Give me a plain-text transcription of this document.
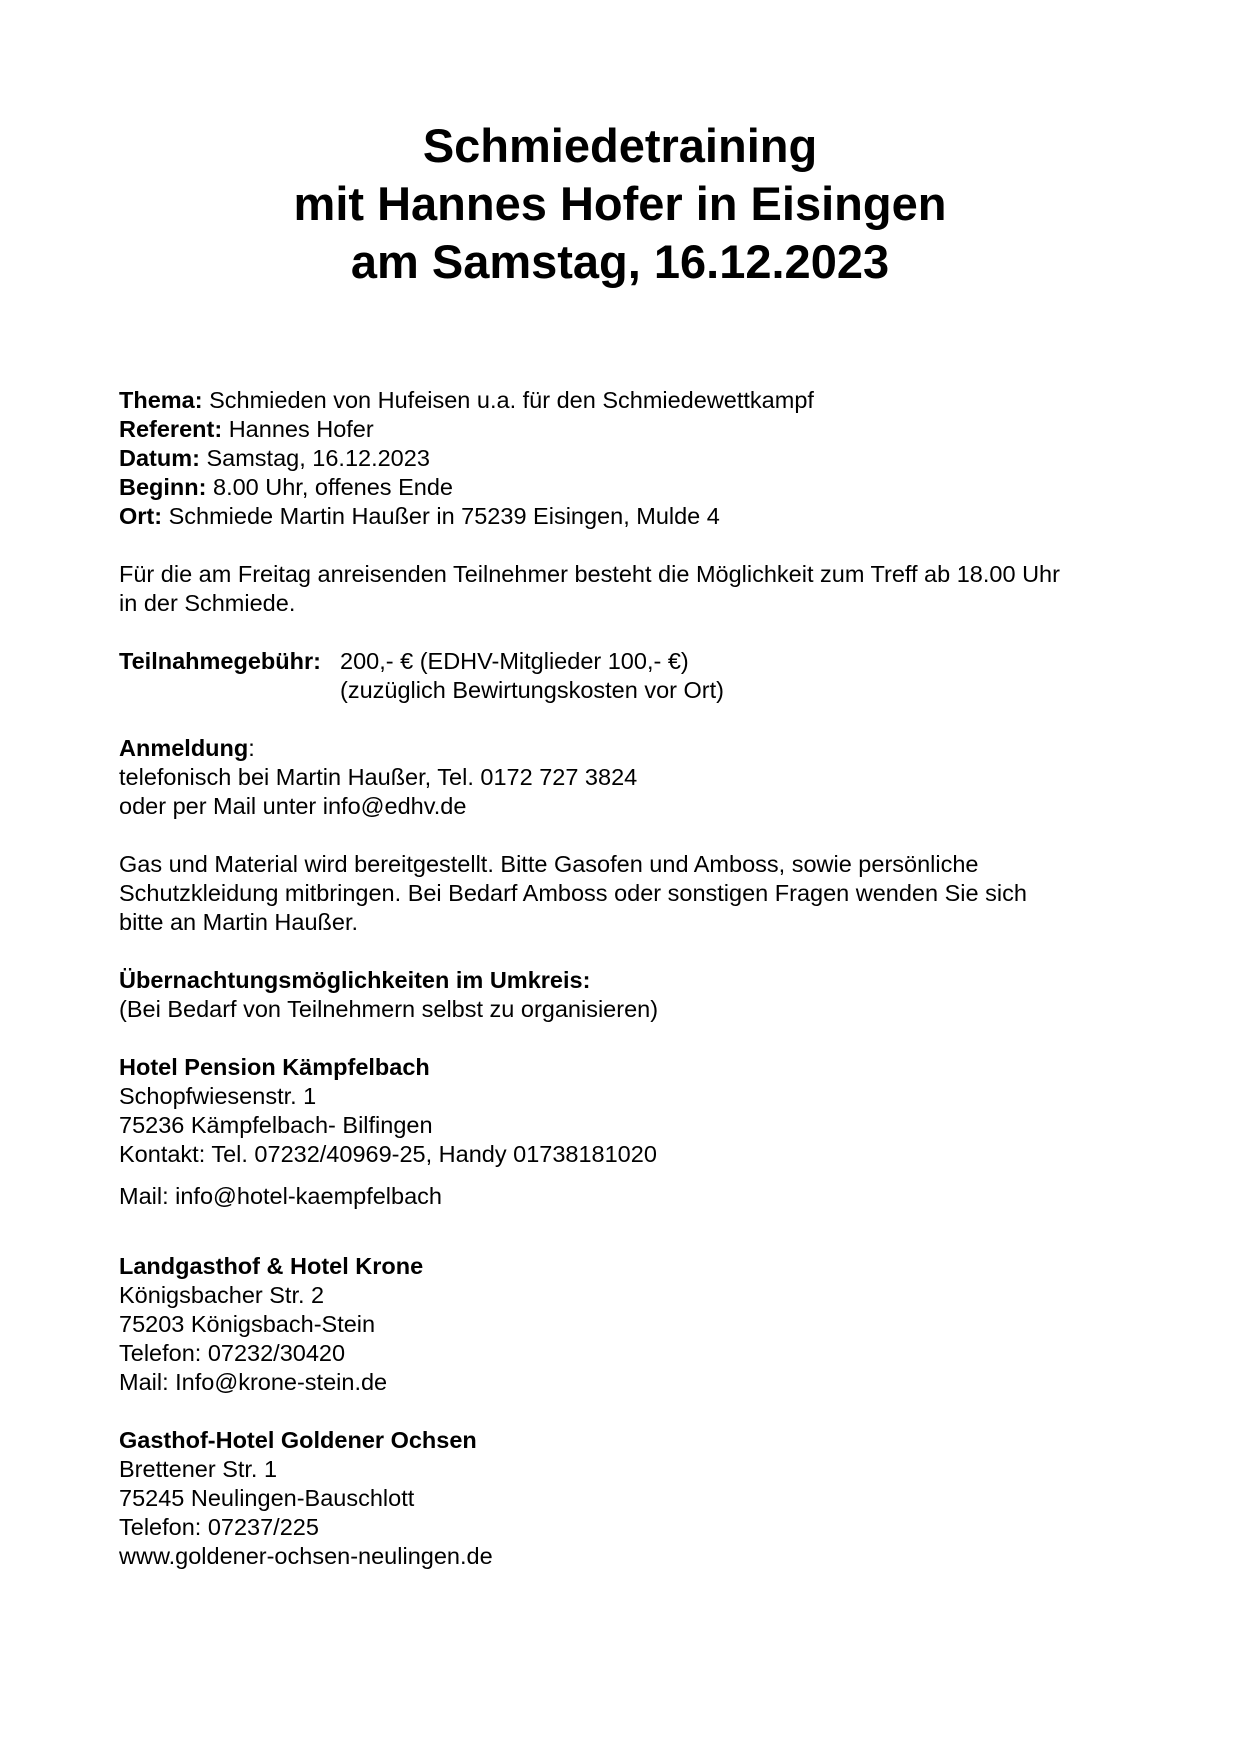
Schmiedetraining
mit Hannes Hofer in Eisingen
am Samstag, 16.12.2023
Thema: Schmieden von Hufeisen u.a. für den Schmiedewettkampf
Referent: Hannes Hofer
Datum: Samstag, 16.12.2023
Beginn: 8.00 Uhr, offenes Ende
Ort: Schmiede Martin Haußer in 75239 Eisingen, Mulde 4
Für die am Freitag anreisenden Teilnehmer besteht die Möglichkeit zum Treff ab 18.00 Uhr
in der Schmiede.
Teilnahmegebühr: 200,- € (EDHV-Mitglieder 100,- €)
(zuzüglich Bewirtungskosten vor Ort)
Anmeldung:
telefonisch bei Martin Haußer, Tel. 0172 727 3824
oder per Mail unter info@edhv.de
Gas und Material wird bereitgestellt. Bitte Gasofen und Amboss, sowie persönliche
Schutzkleidung mitbringen. Bei Bedarf Amboss oder sonstigen Fragen wenden Sie sich
bitte an Martin Haußer.
Übernachtungsmöglichkeiten im Umkreis:
(Bei Bedarf von Teilnehmern selbst zu organisieren)
Hotel Pension Kämpfelbach
Schopfwiesenstr. 1
75236 Kämpfelbach- Bilfingen
Kontakt: Tel. 07232/40969-25, Handy 01738181020
Mail: info@hotel-kaempfelbach
Landgasthof & Hotel Krone
Königsbacher Str. 2
75203 Königsbach-Stein
Telefon: 07232/30420
Mail: Info@krone-stein.de
Gasthof-Hotel Goldener Ochsen
Brettener Str. 1
75245 Neulingen-Bauschlott
Telefon: 07237/225
www.goldener-ochsen-neulingen.de
